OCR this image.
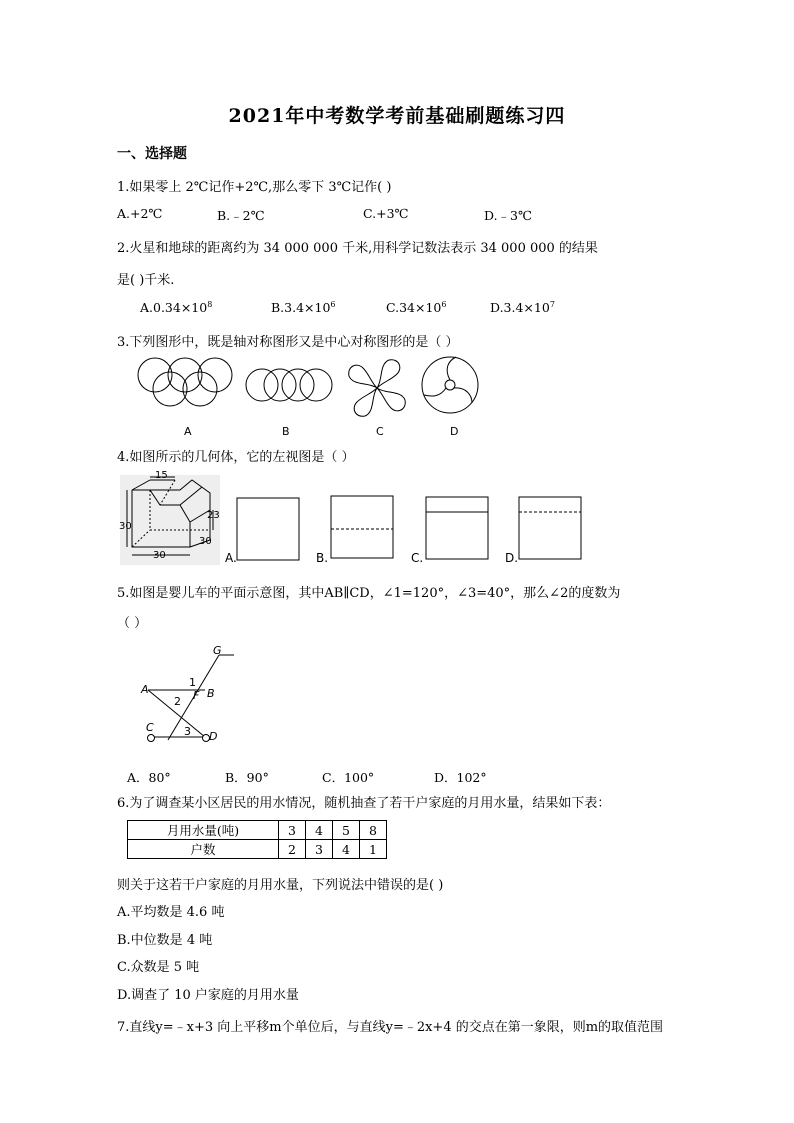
2021年中考数学考前基础刷题练习四
一、选择题
1.如果零上 2℃记作+2℃,那么零下 3℃记作( )
A.+2℃	B.﹣2℃	C.+3℃	D.﹣3℃
2.火星和地球的距离约为 34 000 000 千米,用科学记数法表示 34 000 000 的结果
是( )千米.
$A.0.34\times 10^8$	$B.3.4\times 10^6$	$C.34\times 10^6$	$D.3.4\times 10^7$
3.下列图形中，既是轴对称图形又是中心对称图形的是（ ）
A	B	C	D
4.如图所示的几何体，它的左视图是（ ）
15
23
30
30
30
A.	B.	C.	D.
5.如图是婴儿车的平面示意图，其中AB∥CD，∠1=120°，∠3=40°，那么∠2的度数为
（ ）
G
A	F B
C
D
1
2
3
A．80°	B．90°	C．100°	D．102°
6.为了调查某小区居民的用水情况，随机抽查了若干户家庭的月用水量，结果如下表：
月用水量(吨)	3	4	5	8
户数	2	3	4	1
则关于这若干户家庭的月用水量，下列说法中错误的是( )
A.平均数是 4.6 吨
B.中位数是 4 吨
C.众数是 5 吨
D.调查了 10 户家庭的月用水量
7.直线y=﹣x+3 向上平移m个单位后，与直线y=﹣2x+4 的交点在第一象限，则m的取值范围
